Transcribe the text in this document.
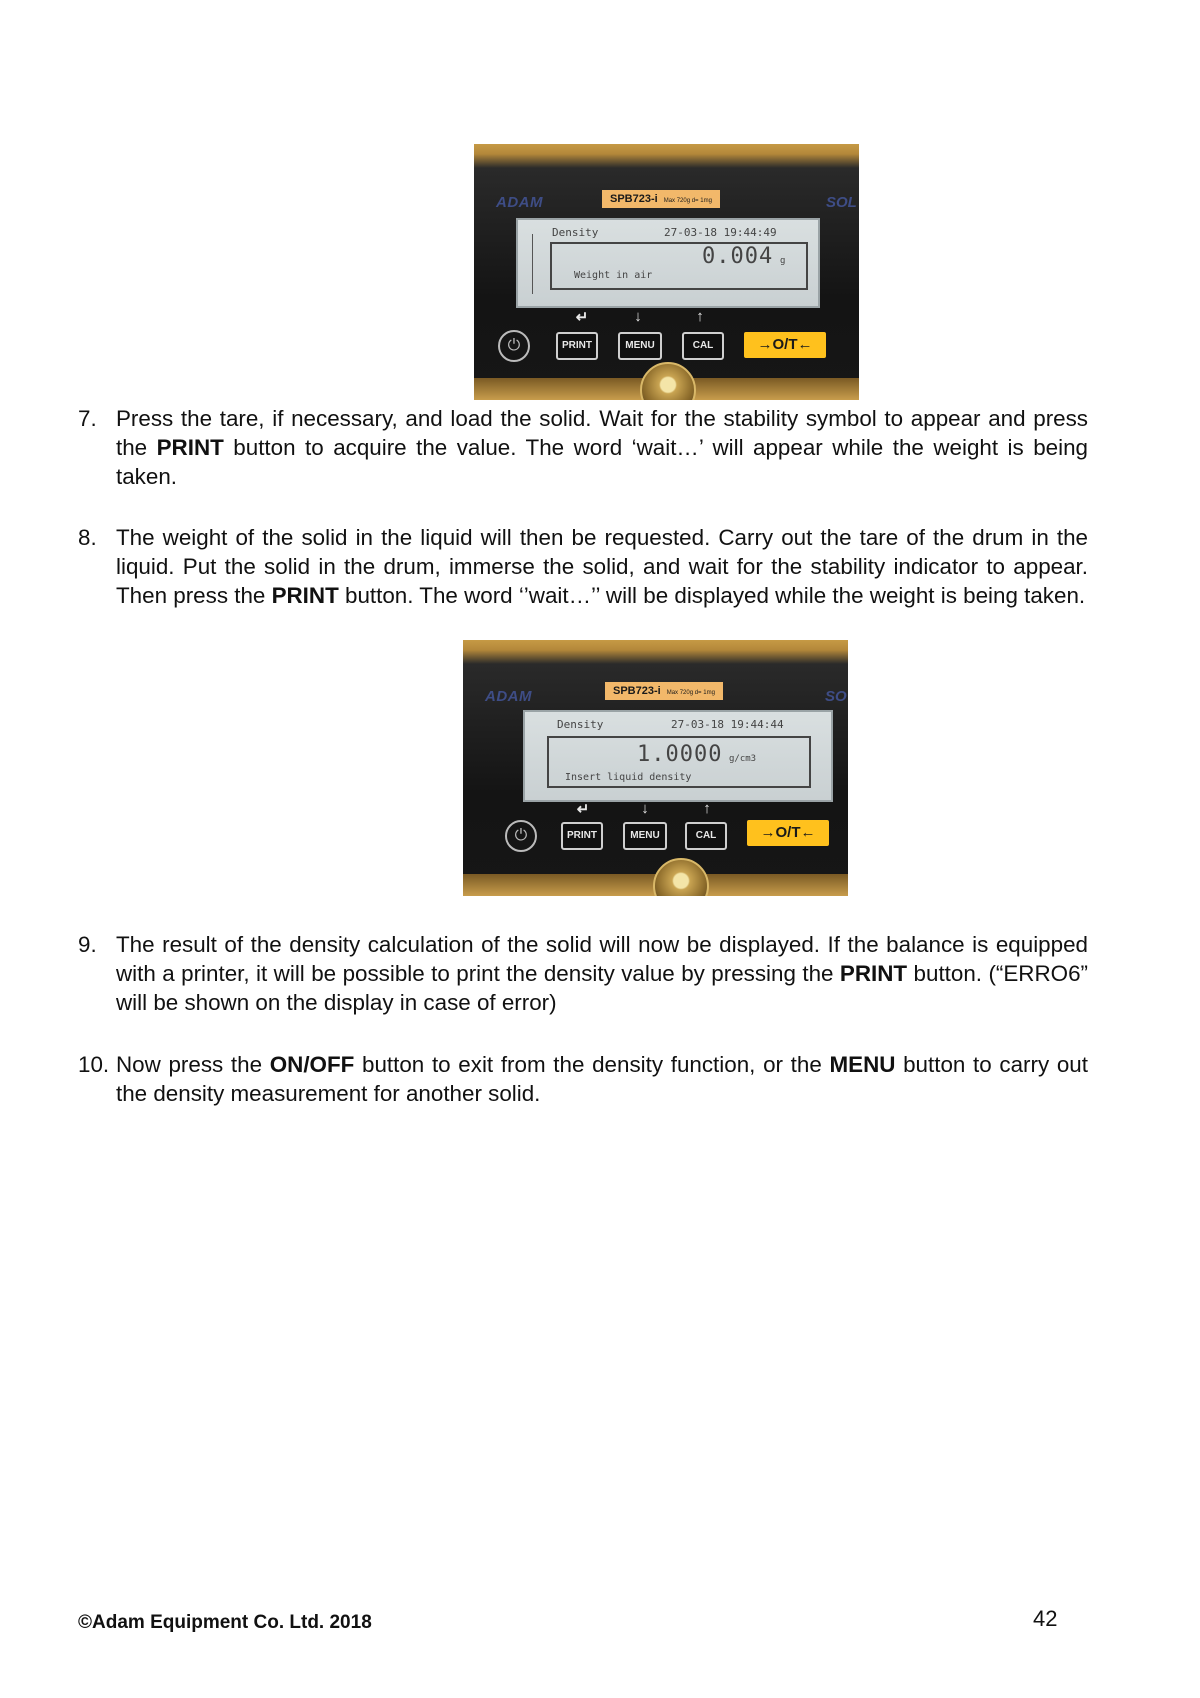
ADAM	SOL
SPB723-i Max 720g d= 1mg
Density	27-03-18 19:44:49
0.004 g
Weight in air
⏻
↵
PRINT
↓
MENU
↑
CAL	→O/T←
7. Press the tare, if necessary, and load the solid. Wait for the stability symbol to appear and press the PRINT button to acquire the value. The word ‘wait…’ will appear while the weight is being taken.
8. The weight of the solid in the liquid will then be requested. Carry out the tare of the drum in the liquid. Put the solid in the drum, immerse the solid, and wait for the stability indicator to appear. Then press the PRINT button. The word ‘’wait…’’ will be displayed while the weight is being taken.
ADAM	SO
SPB723-i Max 720g d= 1mg
Density	27-03-18 19:44:44
1.0000 g/cm3
Insert liquid density
⏻
↵
PRINT
↓
MENU
↑
CAL	→O/T←
9. The result of the density calculation of the solid will now be displayed. If the balance is equipped with a printer, it will be possible to print the density value by pressing the PRINT button. (“ERRO6” will be shown on the display in case of error)
10. Now press the ON/OFF button to exit from the density function, or the MENU button to carry out the density measurement for another solid.
©Adam Equipment Co. Ltd. 2018	42
